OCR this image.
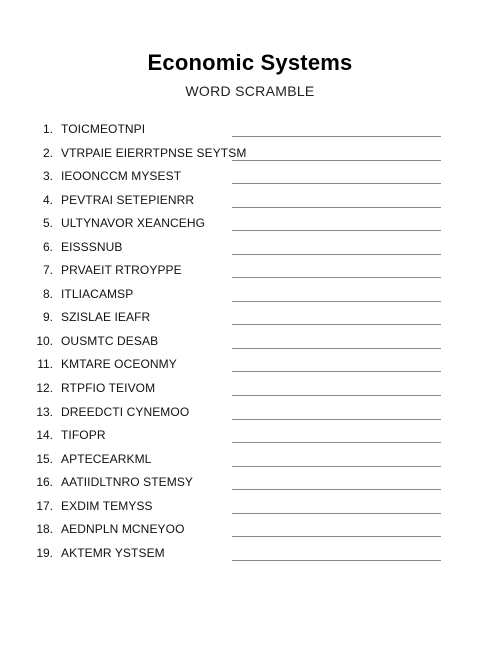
Economic Systems
WORD SCRAMBLE
1. TOICMEOTNPI
2. VTRPAIE EIERRTPNSE SEYTSM
3. IEOONCCM MYSEST
4. PEVTRAI SETEPIENRR
5. ULTYNAVOR XEANCEHG
6. EISSSNUB
7. PRVAEIT RTROYPPE
8. ITLIACAMSP
9. SZISLAE IEAFR
10. OUSMTC DESAB
11. KMTARE OCEONMY
12. RTPFIO TEIVOM
13. DREEDCTI CYNEMOO
14. TIFOPR
15. APTECEARKML
16. AATIIDLTNRO STEMSY
17. EXDIM TEMYSS
18. AEDNPLN MCNEYOO
19. AKTEMR YSTSEM
